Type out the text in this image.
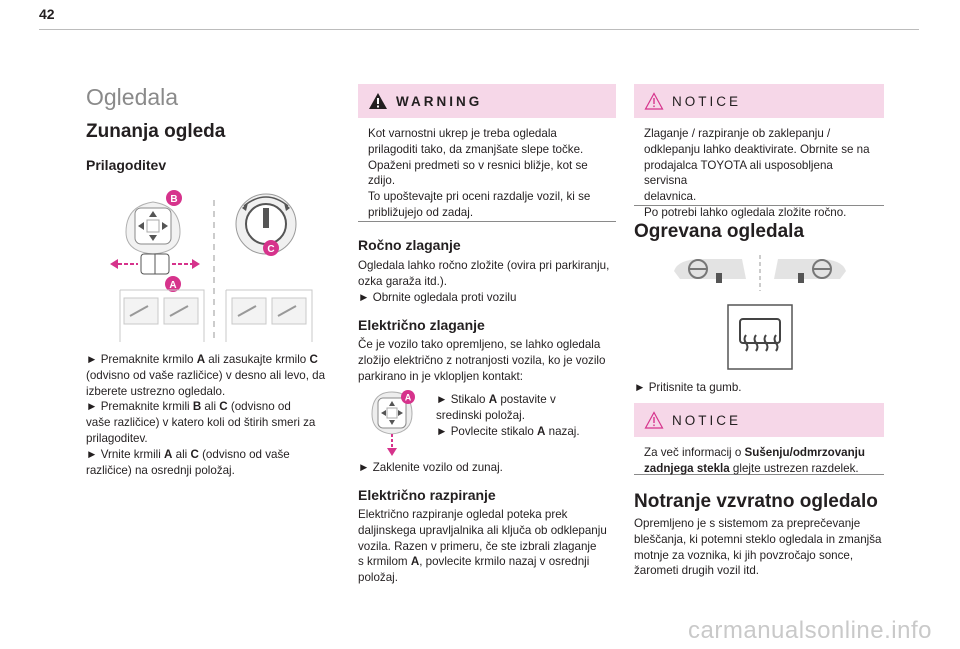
42
Ogledala
Zunanja ogleda
Prilagoditev
B
C
A
► Premaknite krmilo A ali zasukajte krmilo C
(odvisno od vaše različice) v desno ali levo, da
izberete ustrezno ogledalo.
► Premaknite krmili B ali C (odvisno od
vaše različice) v katero koli od štirih smeri za
prilagoditev.
► Vrnite krmili A ali C (odvisno od vaše
različice) na osrednji položaj.
WARNING
Kot varnostni ukrep je treba ogledala
prilagoditi tako, da zmanjšate slepe točke.
Opaženi predmeti so v resnici bližje, kot se
zdijo.
To upoštevajte pri oceni razdalje vozil, ki se
približujejo od zadaj.
Ročno zlaganje
Ogledala lahko ročno zložite (ovira pri parkiranju,
ozka garaža itd.).
► Obrnite ogledala proti vozilu
Električno zlaganje
Če je vozilo tako opremljeno, se lahko ogledala
zložijo električno z notranjosti vozila, ko je vozilo
parkirano in je vklopljen kontakt:
A ► Stikalo A postavite v
sredinski položaj.
► Povlecite stikalo A nazaj.
► Zaklenite vozilo od zunaj.
Električno razpiranje
Električno razpiranje ogledal poteka prek
daljinskega upravljalnika ali ključa ob odklepanju
vozila. Razen v primeru, če ste izbrali zlaganje
s krmilom A, povlecite krmilo nazaj v osrednji
položaj.
NOTICE
Zlaganje / razpiranje ob zaklepanju /
odklepanju lahko deaktivirate. Obrnite se na
prodajalca TOYOTA ali usposobljena servisna
delavnica.
Po potrebi lahko ogledala zložite ročno.
Ogrevana ogledala
► Pritisnite ta gumb.
NOTICE
Za več informacij o Sušenju/odmrzovanju
zadnjega stekla glejte ustrezen razdelek.
Notranje vzvratno ogledalo
Opremljeno je s sistemom za preprečevanje
bleščanja, ki potemni steklo ogledala in zmanjša
motnje za voznika, ki jih povzročajo sonce,
žarometi drugih vozil itd.
carmanualsonline.info
